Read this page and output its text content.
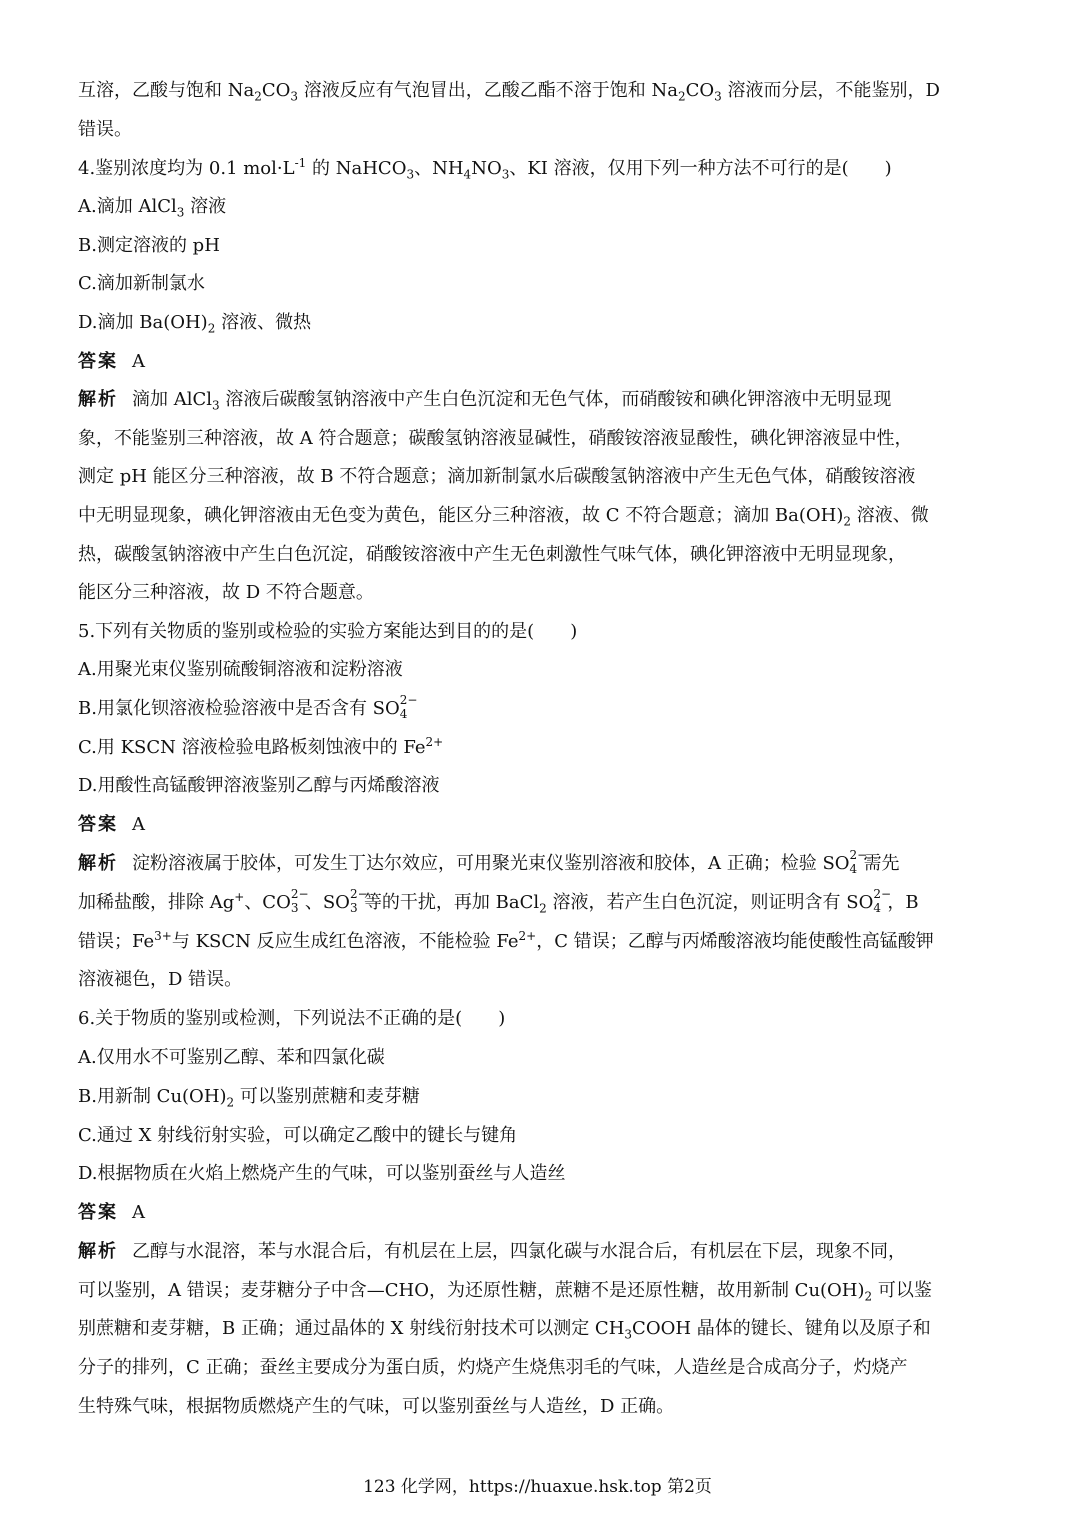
互溶，乙酸与饱和 $Na_2CO_3$ 溶液反应有气泡冒出，乙酸乙酯不溶于饱和 $Na_2CO_3$ 溶液而分层，不能鉴别，D
错误。
4.鉴别浓度均为 0.1 $mol\cdot L^{-1}$ 的 NaHCO$_3$、$NH_4NO_3$、KI 溶液，仅用下列一种方法不可行的是(　　)
A.滴加 AlCl$_3$ 溶液
B.测定溶液的 pH
C.滴加新制氯水
D.滴加 $Ba(OH)_2$ 溶液、微热
答案 A
解析 滴加 AlCl$_3$ 溶液后碳酸氢钠溶液中产生白色沉淀和无色气体，而硝酸铵和碘化钾溶液中无明显现
象，不能鉴别三种溶液，故 A 符合题意；碳酸氢钠溶液显碱性，硝酸铵溶液显酸性，碘化钾溶液显中性，
测定 pH 能区分三种溶液，故 B 不符合题意；滴加新制氯水后碳酸氢钠溶液中产生无色气体，硝酸铵溶液
中无明显现象，碘化钾溶液由无色变为黄色，能区分三种溶液，故 C 不符合题意；滴加 $Ba(OH)_2$ 溶液、微
热，碳酸氢钠溶液中产生白色沉淀，硝酸铵溶液中产生无色刺激性气味气体，碘化钾溶液中无明显现象，
能区分三种溶液，故 D 不符合题意。
5.下列有关物质的鉴别或检验的实验方案能达到目的的是(　　)
A.用聚光束仪鉴别硫酸铜溶液和淀粉溶液
B.用氯化钡溶液检验溶液中是否含有 SO 2−
4
C.用 KSCN 溶液检验电路板刻蚀液中的 $Fe^{2+}$
D.用酸性高锰酸钾溶液鉴别乙醇与丙烯酸溶液
答案 A
解析 淀粉溶液属于胶体，可发生丁达尔效应，可用聚光束仪鉴别溶液和胶体，A 正确；检验 SO 2−
4 需先
加稀盐酸，排除 Ag+、CO 2−
3 、SO 2−
3 等的干扰，再加 BaCl$_2$ 溶液，若产生白色沉淀，则证明含有 SO 2−
4 ，B
错误；$Fe^{3+}$与 KSCN 反应生成红色溶液，不能检验 $Fe^{2+}$，C 错误；乙醇与丙烯酸溶液均能使酸性高锰酸钾
溶液褪色，D 错误。
6.关于物质的鉴别或检测，下列说法不正确的是(　　)
A.仅用水不可鉴别乙醇、苯和四氯化碳
B.用新制 $Cu(OH)_2$ 可以鉴别蔗糖和麦芽糖
C.通过 X 射线衍射实验，可以确定乙酸中的键长与键角
D.根据物质在火焰上燃烧产生的气味，可以鉴别蚕丝与人造丝
答案 A
解析 乙醇与水混溶，苯与水混合后，有机层在上层，四氯化碳与水混合后，有机层在下层，现象不同，
可以鉴别，A 错误；麦芽糖分子中含—CHO，为还原性糖，蔗糖不是还原性糖，故用新制 $Cu(OH)_2$ 可以鉴
别蔗糖和麦芽糖，B 正确；通过晶体的 X 射线衍射技术可以测定 $CH_3COOH$ 晶体的键长、键角以及原子和
分子的排列，C 正确；蚕丝主要成分为蛋白质，灼烧产生烧焦羽毛的气味，人造丝是合成高分子，灼烧产
生特殊气味，根据物质燃烧产生的气味，可以鉴别蚕丝与人造丝，D 正确。
123 化学网，https://huaxue.hsk.top 第2页
